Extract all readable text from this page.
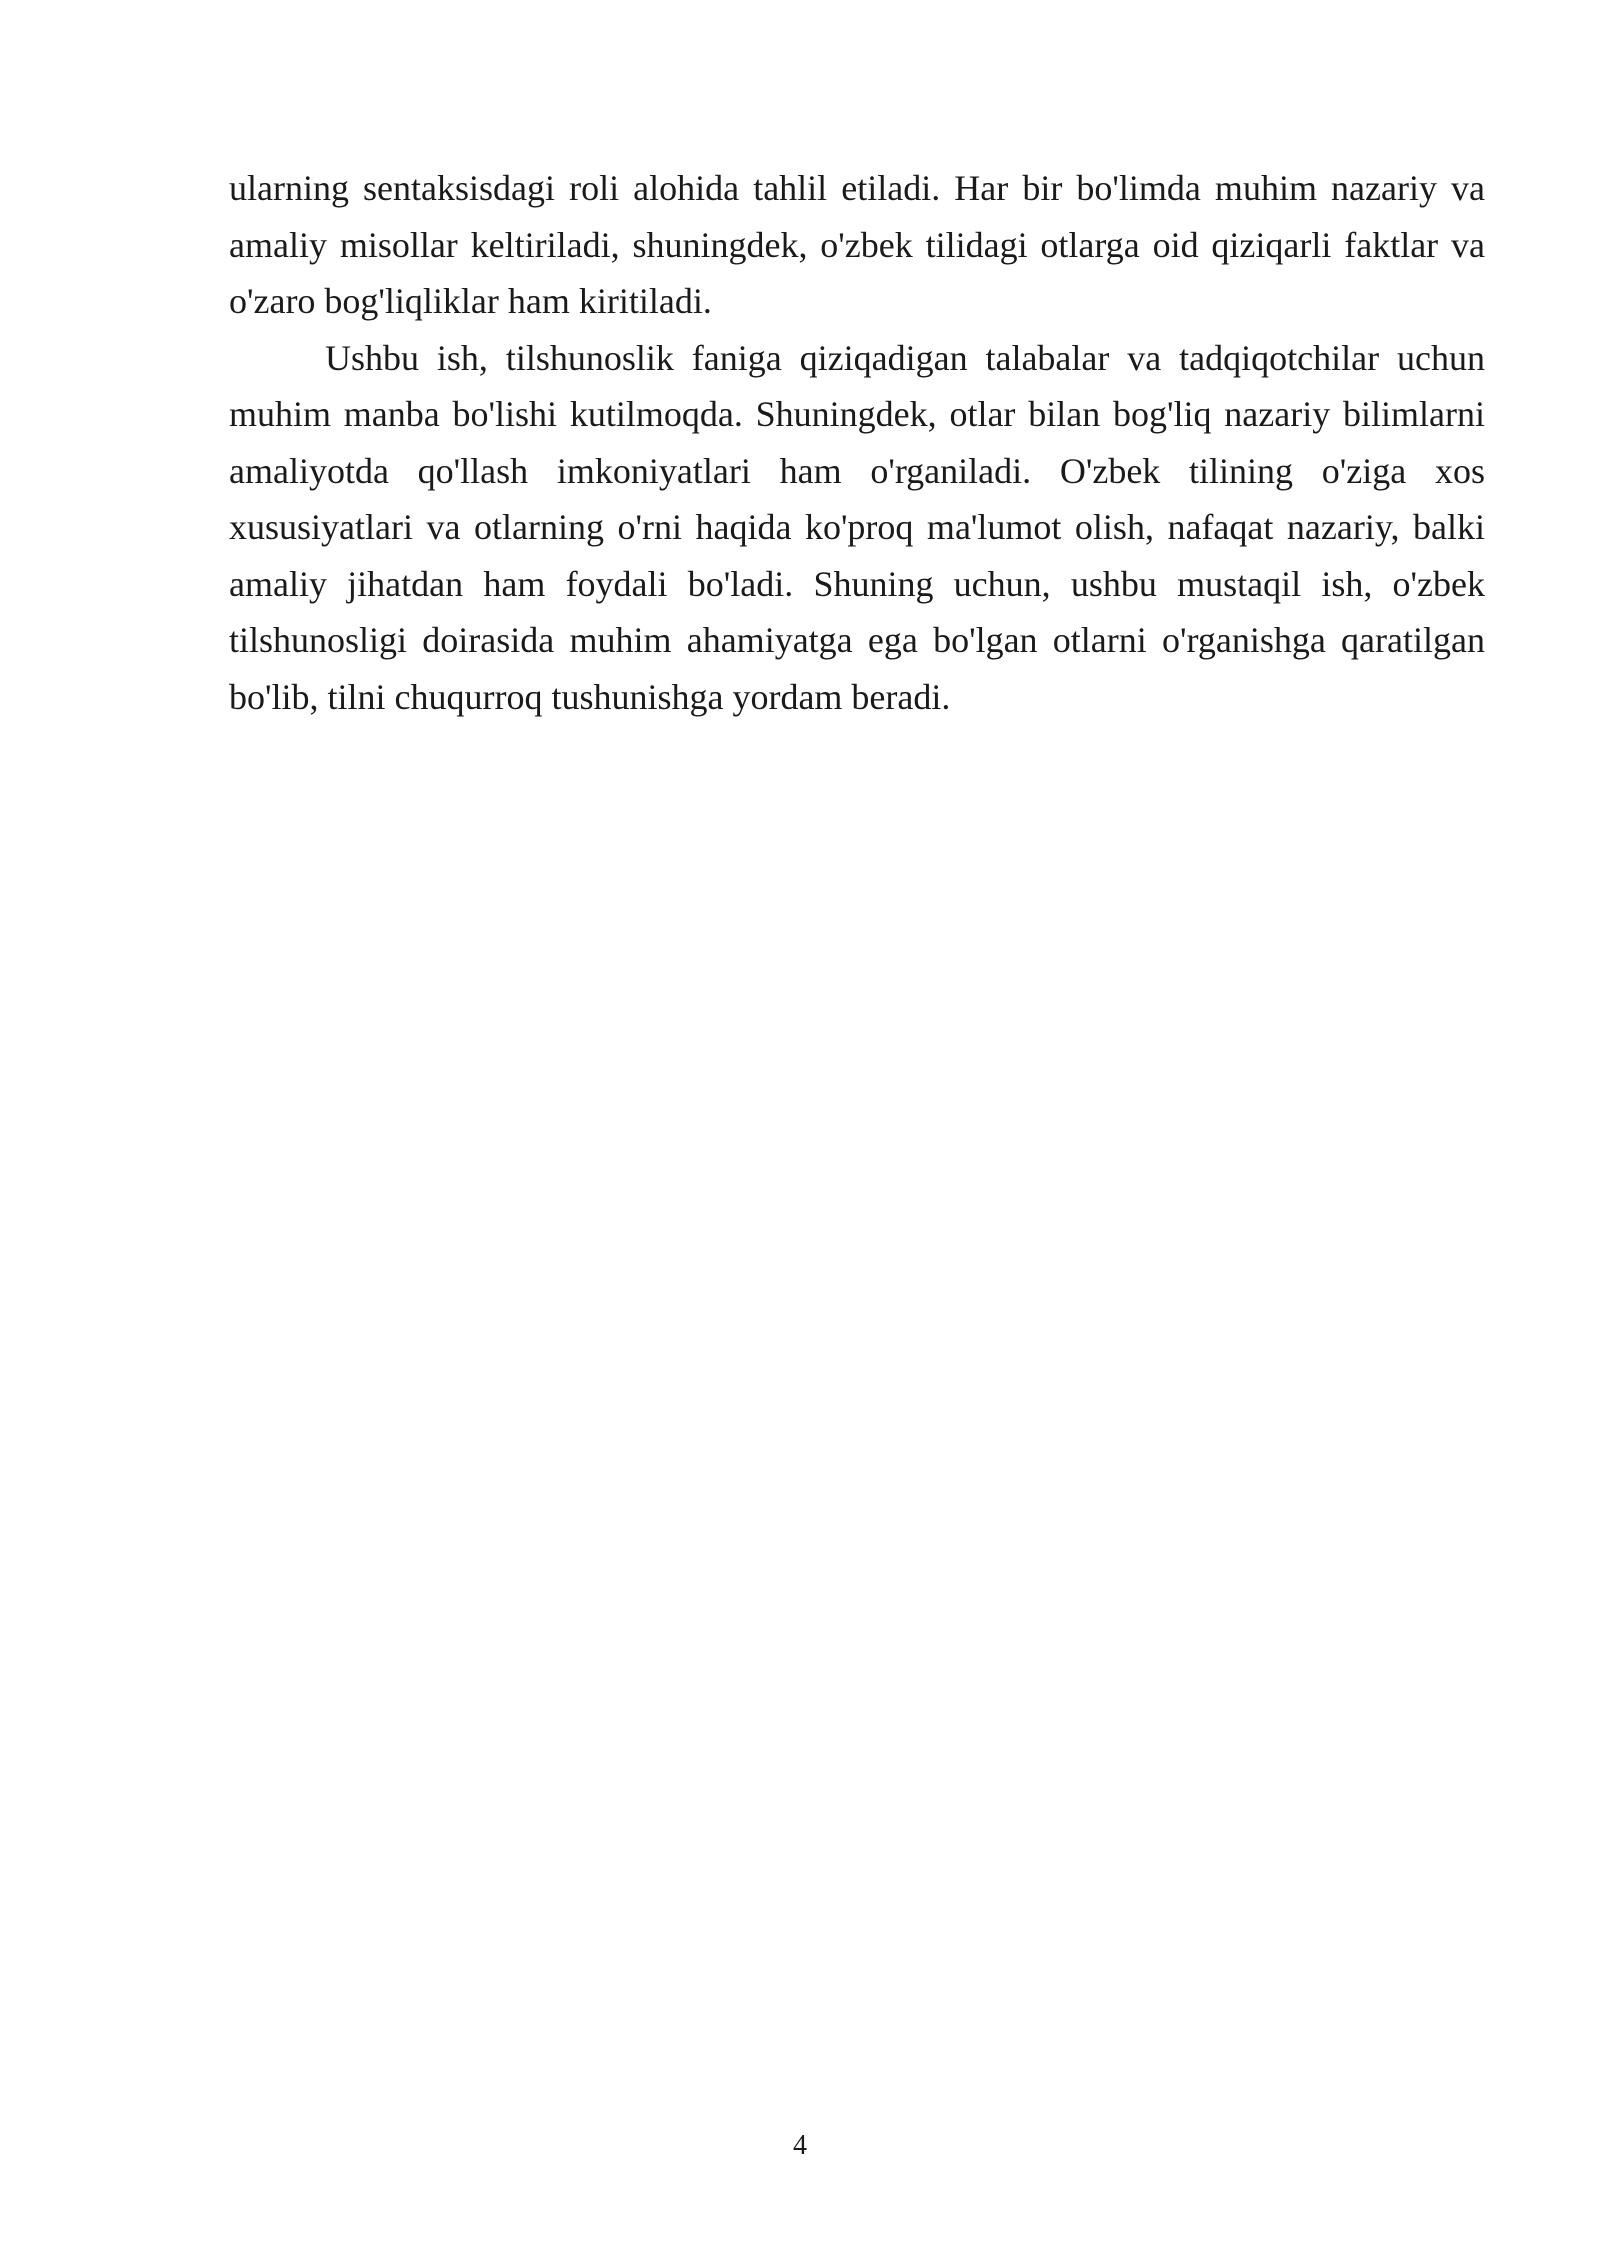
ularning sentaksisdagi roli alohida tahlil etiladi. Har bir bo'limda muhim nazariy va amaliy misollar keltiriladi, shuningdek, o'zbek tilidagi otlarga oid qiziqarli faktlar va o'zaro bog'liqliklar ham kiritiladi.

Ushbu ish, tilshunoslik faniga qiziqadigan talabalar va tadqiqotchilar uchun muhim manba bo'lishi kutilmoqda. Shuningdek, otlar bilan bog'liq nazariy bilimlarni amaliyotda qo'llash imkoniyatlari ham o'rganiladi. O'zbek tilining o'ziga xos xususiyatlari va otlarning o'rni haqida ko'proq ma'lumot olish, nafaqat nazariy, balki amaliy jihatdan ham foydali bo'ladi. Shuning uchun, ushbu mustaqil ish, o'zbek tilshunosligi doirasida muhim ahamiyatga ega bo'lgan otlarni o'rganishga qaratilgan bo'lib, tilni chuqurroq tushunishga yordam beradi.

4
